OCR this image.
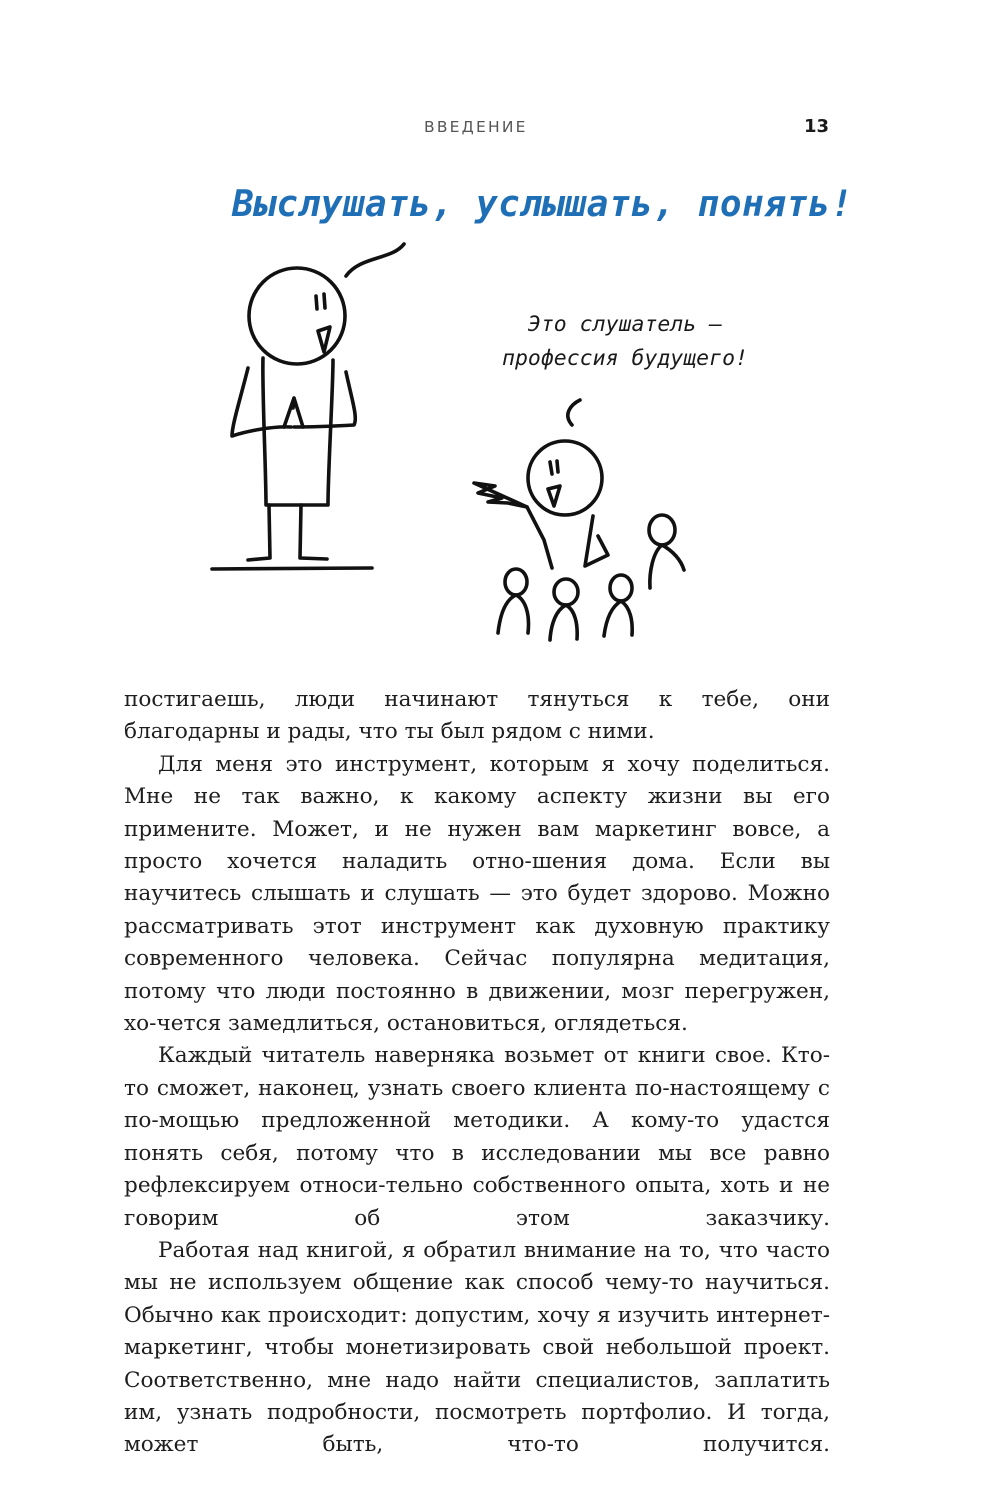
ВВЕДЕНИЕ	13
Выслушать, услышать, понять!
Это слушатель —
профессия будущего!

постигаешь, люди начинают тянуться к тебе, они благодарны и рады, что ты был рядом с ними.

Для меня это инструмент, которым я хочу поделиться. Мне не так важно, к какому аспекту жизни вы его примените. Может, и не нужен вам маркетинг вовсе, а просто хочется наладить отно-шения дома. Если вы научитесь слышать и слушать — это будет здорово. Можно рассматривать этот инструмент как духовную практику современного человека. Сейчас популярна медитация, потому что люди постоянно в движении, мозг перегружен, хо-чется замедлиться, остановиться, оглядеться.

Каждый читатель наверняка возьмет от книги свое. Кто-то сможет, наконец, узнать своего клиента по-настоящему с по-мощью предложенной методики. А кому-то удастся понять себя, потому что в исследовании мы все равно рефлексируем относи-тельно собственного опыта, хоть и не говорим об этом заказчику.

Работая над книгой, я обратил внимание на то, что часто мы не используем общение как способ чему-то научиться. Обычно как происходит: допустим, хочу я изучить интернет-маркетинг, чтобы монетизировать свой небольшой проект. Соответственно, мне надо найти специалистов, заплатить им, узнать подробности, посмотреть портфолио. И тогда, может быть, что-то получится.
